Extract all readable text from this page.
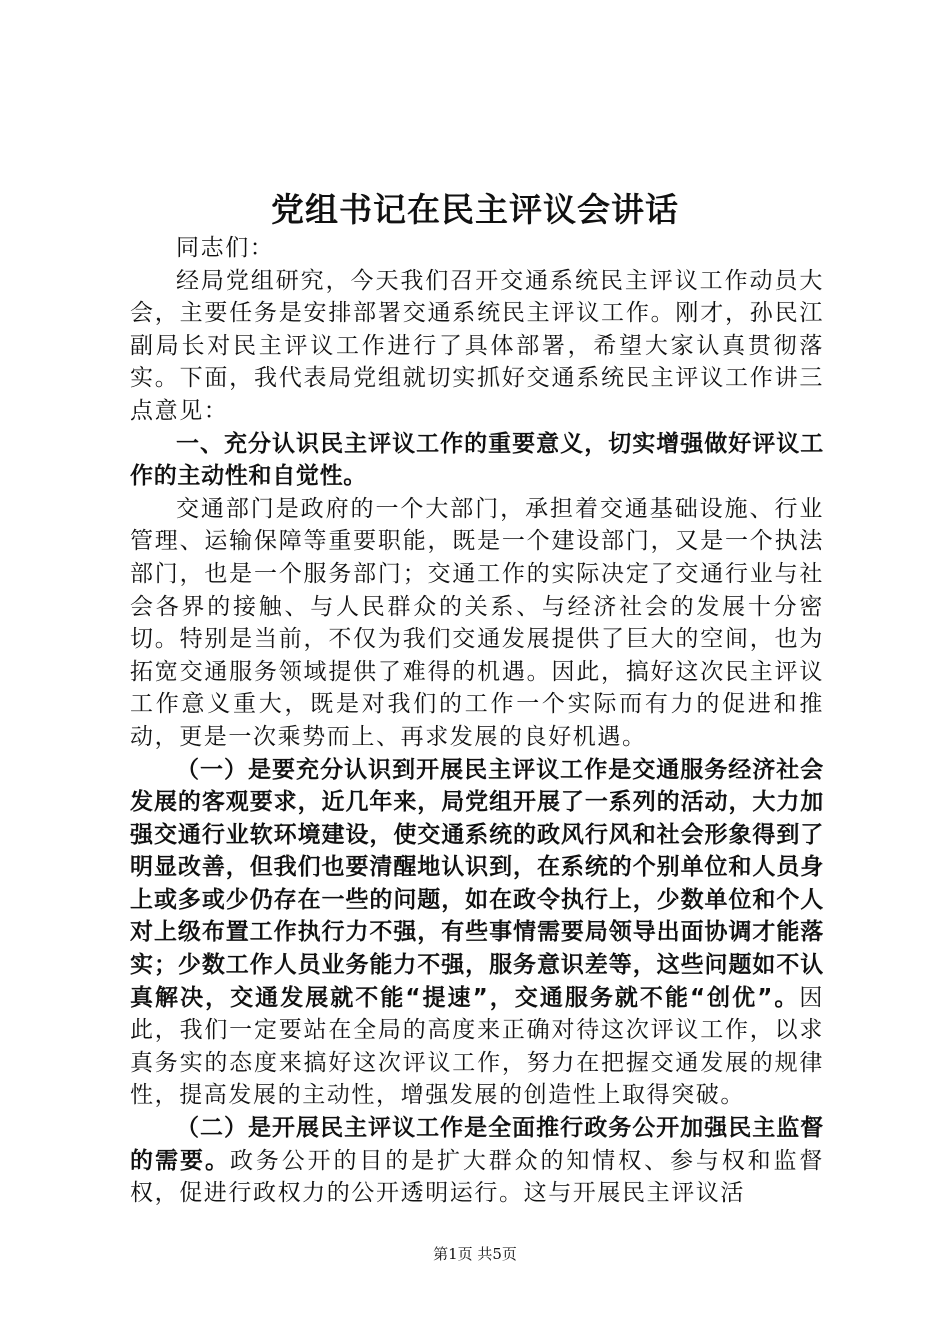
党组书记在民主评议会讲话

同志们：

经局党组研究，今天我们召开交通系统民主评议工作动员大会，主要任务是安排部署交通系统民主评议工作。刚才，孙民江副局长对民主评议工作进行了具体部署，希望大家认真贯彻落实。下面，我代表局党组就切实抓好交通系统民主评议工作讲三点意见：

一、充分认识民主评议工作的重要意义，切实增强做好评议工作的主动性和自觉性。

交通部门是政府的一个大部门，承担着交通基础设施、行业管理、运输保障等重要职能，既是一个建设部门，又是一个执法部门，也是一个服务部门；交通工作的实际决定了交通行业与社会各界的接触、与人民群众的关系、与经济社会的发展十分密切。特别是当前，不仅为我们交通发展提供了巨大的空间，也为拓宽交通服务领域提供了难得的机遇。因此，搞好这次民主评议工作意义重大，既是对我们的工作一个实际而有力的促进和推动，更是一次乘势而上、再求发展的良好机遇。

（一）是要充分认识到开展民主评议工作是交通服务经济社会发展的客观要求，近几年来，局党组开展了一系列的活动，大力加强交通行业软环境建设，使交通系统的政风行风和社会形象得到了明显改善，但我们也要清醒地认识到，在系统的个别单位和人员身上或多或少仍存在一些的问题，如在政令执行上，少数单位和个人对上级布置工作执行力不强，有些事情需要局领导出面协调才能落实；少数工作人员业务能力不强，服务意识差等，这些问题如不认真解决，交通发展就不能“提速”，交通服务就不能“创优”。因此，我们一定要站在全局的高度来正确对待这次评议工作，以求真务实的态度来搞好这次评议工作，努力在把握交通发展的规律性，提高发展的主动性，增强发展的创造性上取得突破。

（二）是开展民主评议工作是全面推行政务公开加强民主监督的需要。政务公开的目的是扩大群众的知情权、参与权和监督权，促进行政权力的公开透明运行。这与开展民主评议活

第1页 共5页
